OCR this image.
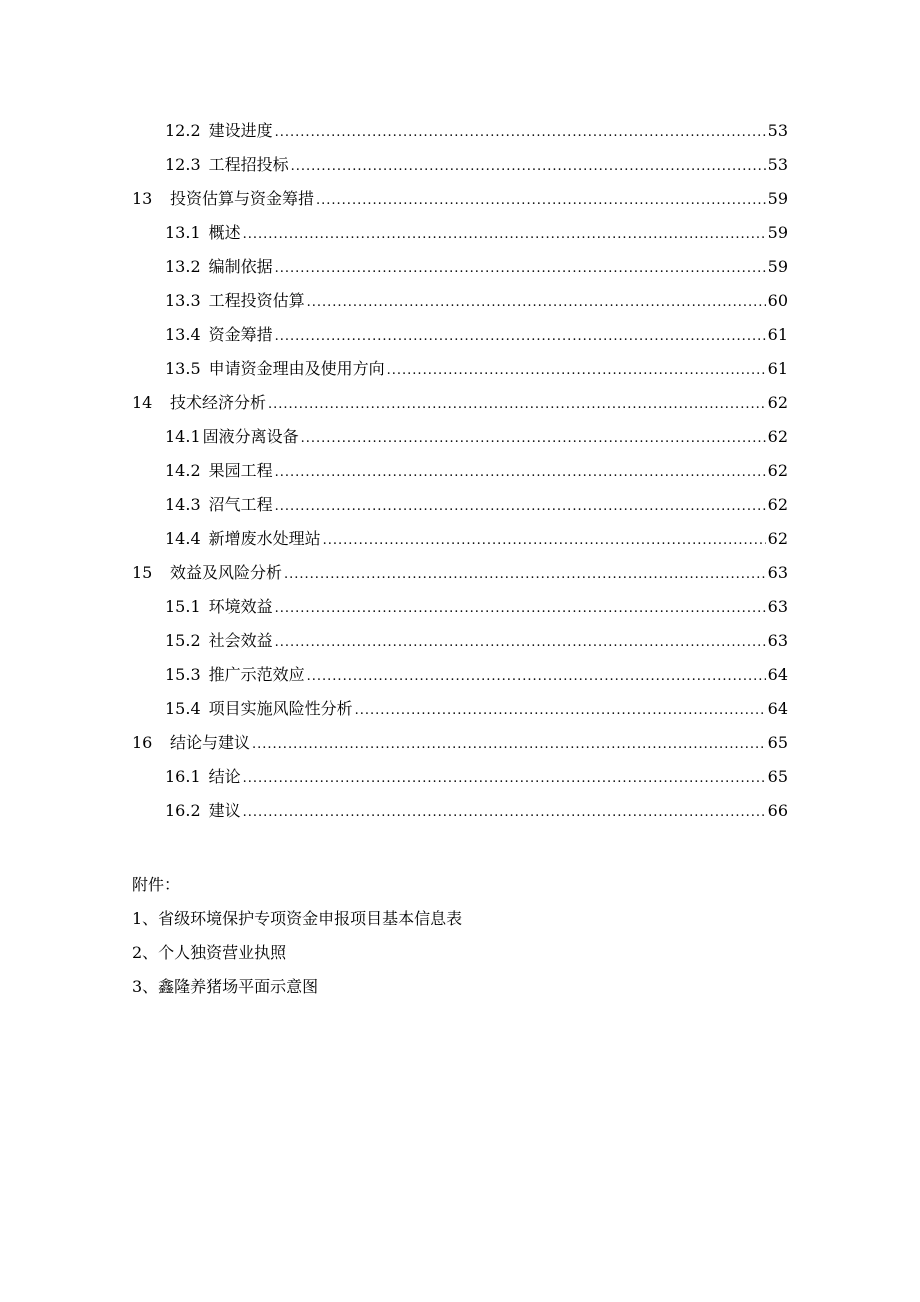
12.2 建设进度 .....	53
12.3 工程招投标 .....	53
13	投资估算与资金筹措 .....	59
13.1 概述 .....	59
13.2 编制依据 .....	59
13.3 工程投资估算 .....	60
13.4 资金筹措 .....	61
13.5 申请资金理由及使用方向 .....	61
14	技术经济分析 .....	62
14.1 固液分离设备 .....	62
14.2 果园工程 .....	62
14.3 沼气工程 .....	62
14.4 新增废水处理站 .....	62
15	效益及风险分析 .....	63
15.1 环境效益 .....	63
15.2 社会效益 .....	63
15.3 推广示范效应 .....	64
15.4 项目实施风险性分析 .....	64
16	结论与建议 .....	65
16.1 结论 .....	65
16.2 建议 .....	66
附件：
1、省级环境保护专项资金申报项目基本信息表
2、个人独资营业执照
3、鑫隆养猪场平面示意图
